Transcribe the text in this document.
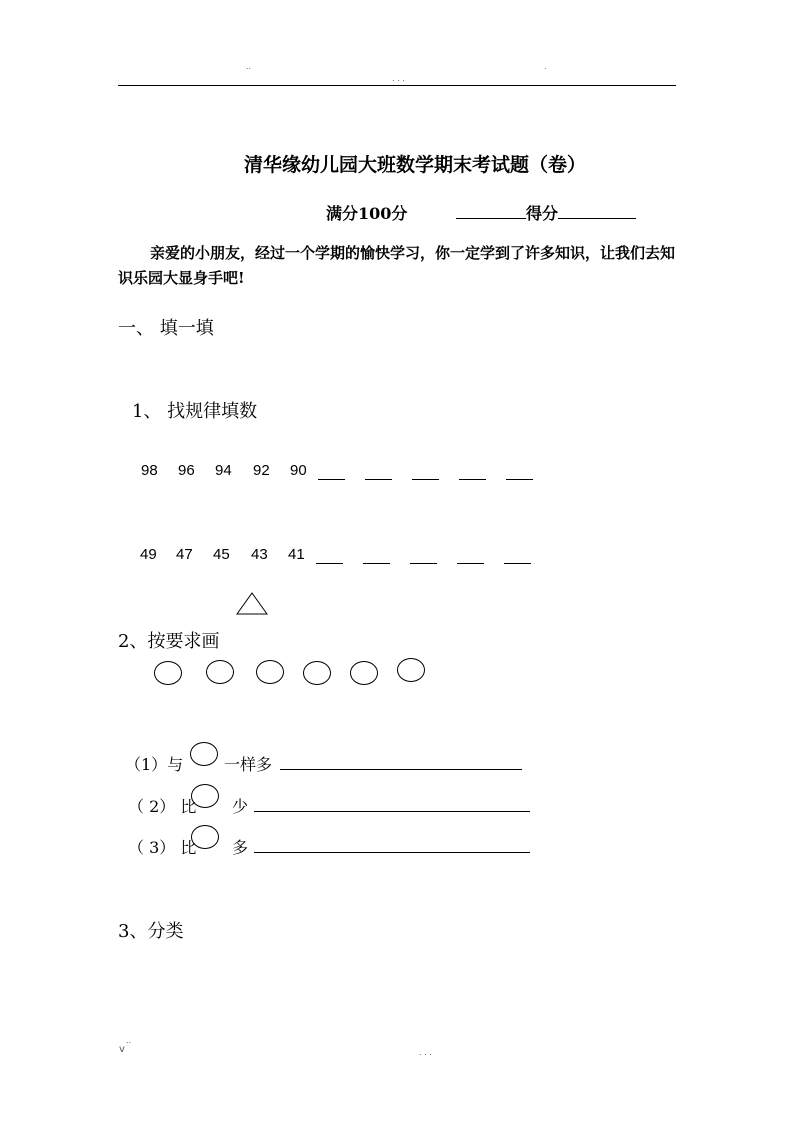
..
. . .
.
清华缘幼儿园大班数学期末考试题（卷）
满分100分	得分
亲爱的小朋友，经过一个学期的愉快学习，你一定学到了许多知识，让我们去知识乐园大显身手吧!
一、 填一填
1、 找规律填数
98 96 94 92 90
49 47 45 43 41
2、按要求画
（1）与	一样多
（ 2） 比 少
（ 3） 比 多
3、分类
..
v	. . .
